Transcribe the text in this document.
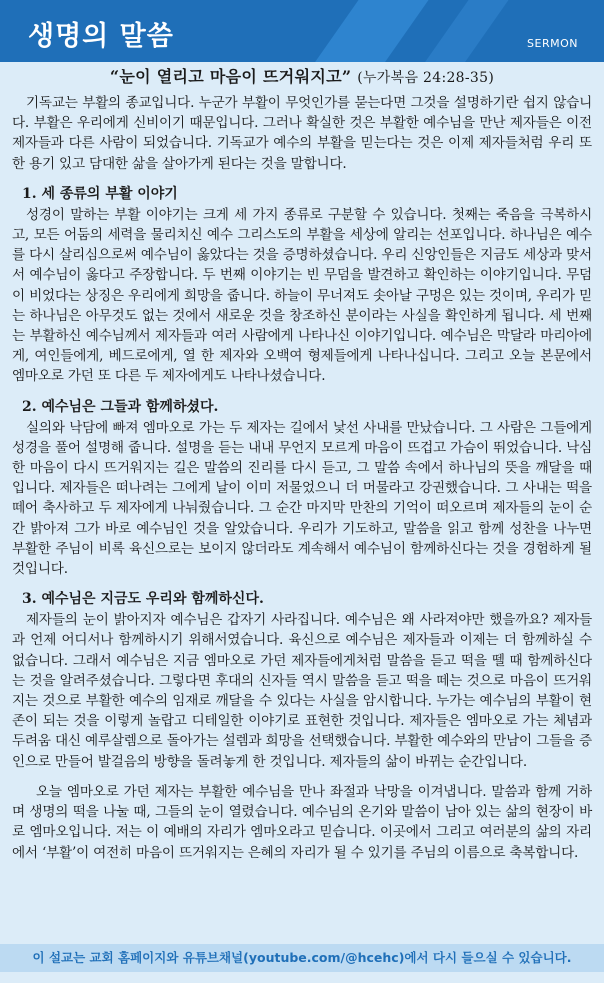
생명의 말씀	SERMON
“눈이 열리고 마음이 뜨거워지고” (누가복음 24:28-35)

기독교는 부활의 종교입니다. 누군가 부활이 무엇인가를 묻는다면 그것을 설명하기란 쉽지 않습니다. 부활은 우리에게 신비이기 때문입니다. 그러나 확실한 것은 부활한 예수님을 만난 제자들은 이전 제자들과 다른 사람이 되었습니다. 기독교가 예수의 부활을 믿는다는 것은 이제 제자들처럼 우리 또한 용기 있고 담대한 삶을 살아가게 된다는 것을 말합니다.

1. 세 종류의 부활 이야기

성경이 말하는 부활 이야기는 크게 세 가지 종류로 구분할 수 있습니다. 첫째는 죽음을 극복하시고, 모든 어둠의 세력을 물리치신 예수 그리스도의 부활을 세상에 알리는 선포입니다. 하나님은 예수를 다시 살리심으로써 예수님이 옳았다는 것을 증명하셨습니다. 우리 신앙인들은 지금도 세상과 맞서서 예수님이 옳다고 주장합니다. 두 번째 이야기는 빈 무덤을 발견하고 확인하는 이야기입니다. 무덤이 비었다는 상징은 우리에게 희망을 줍니다. 하늘이 무너져도 솟아날 구멍은 있는 것이며, 우리가 믿는 하나님은 아무것도 없는 것에서 새로운 것을 창조하신 분이라는 사실을 확인하게 됩니다. 세 번째는 부활하신 예수님께서 제자들과 여러 사람에게 나타나신 이야기입니다. 예수님은 막달라 마리아에게, 여인들에게, 베드로에게, 열 한 제자와 오백여 형제들에게 나타나십니다. 그리고 오늘 본문에서 엠마오로 가던 또 다른 두 제자에게도 나타나셨습니다.

2. 예수님은 그들과 함께하셨다.

실의와 낙담에 빠져 엠마오로 가는 두 제자는 길에서 낯선 사내를 만났습니다. 그 사람은 그들에게 성경을 풀어 설명해 줍니다. 설명을 듣는 내내 무언지 모르게 마음이 뜨겁고 가슴이 뛰었습니다. 낙심한 마음이 다시 뜨거워지는 길은 말씀의 진리를 다시 듣고, 그 말씀 속에서 하나님의 뜻을 깨달을 때입니다. 제자들은 떠나려는 그에게 날이 이미 저물었으니 더 머물라고 강권했습니다. 그 사내는 떡을 떼어 축사하고 두 제자에게 나눠줬습니다. 그 순간 마지막 만찬의 기억이 떠오르며 제자들의 눈이 순간 밝아져 그가 바로 예수님인 것을 알았습니다. 우리가 기도하고, 말씀을 읽고 함께 성찬을 나누면 부활한 주님이 비록 육신으로는 보이지 않더라도 계속해서 예수님이 함께하신다는 것을 경험하게 될 것입니다.

3. 예수님은 지금도 우리와 함께하신다.

제자들의 눈이 밝아지자 예수님은 갑자기 사라집니다. 예수님은 왜 사라져야만 했을까요? 제자들과 언제 어디서나 함께하시기 위해서였습니다. 육신으로 예수님은 제자들과 이제는 더 함께하실 수 없습니다. 그래서 예수님은 지금 엠마오로 가던 제자들에게처럼 말씀을 듣고 떡을 뗄 때 함께하신다는 것을 알려주셨습니다. 그렇다면 후대의 신자들 역시 말씀을 듣고 떡을 떼는 것으로 마음이 뜨거워지는 것으로 부활한 예수의 임재로 깨달을 수 있다는 사실을 암시합니다. 누가는 예수님의 부활이 현존이 되는 것을 이렇게 놀랍고 디테일한 이야기로 표현한 것입니다. 제자들은 엠마오로 가는 체념과 두려움 대신 예루살렘으로 돌아가는 설렘과 희망을 선택했습니다. 부활한 예수와의 만남이 그들을 증인으로 만들어 발걸음의 방향을 돌려놓게 한 것입니다. 제자들의 삶이 바뀌는 순간입니다.

오늘 엠마오로 가던 제자는 부활한 예수님을 만나 좌절과 낙망을 이겨냅니다. 말씀과 함께 거하며 생명의 떡을 나눌 때, 그들의 눈이 열렸습니다. 예수님의 온기와 말씀이 남아 있는 삶의 현장이 바로 엠마오입니다. 저는 이 예배의 자리가 엠마오라고 믿습니다. 이곳에서 그리고 여러분의 삶의 자리에서 ‘부활’이 여전히 마음이 뜨거워지는 은혜의 자리가 될 수 있기를 주님의 이름으로 축복합니다.

이 설교는 교회 홈페이지와 유튜브채널(youtube.com/@hcehc)에서 다시 들으실 수 있습니다.
